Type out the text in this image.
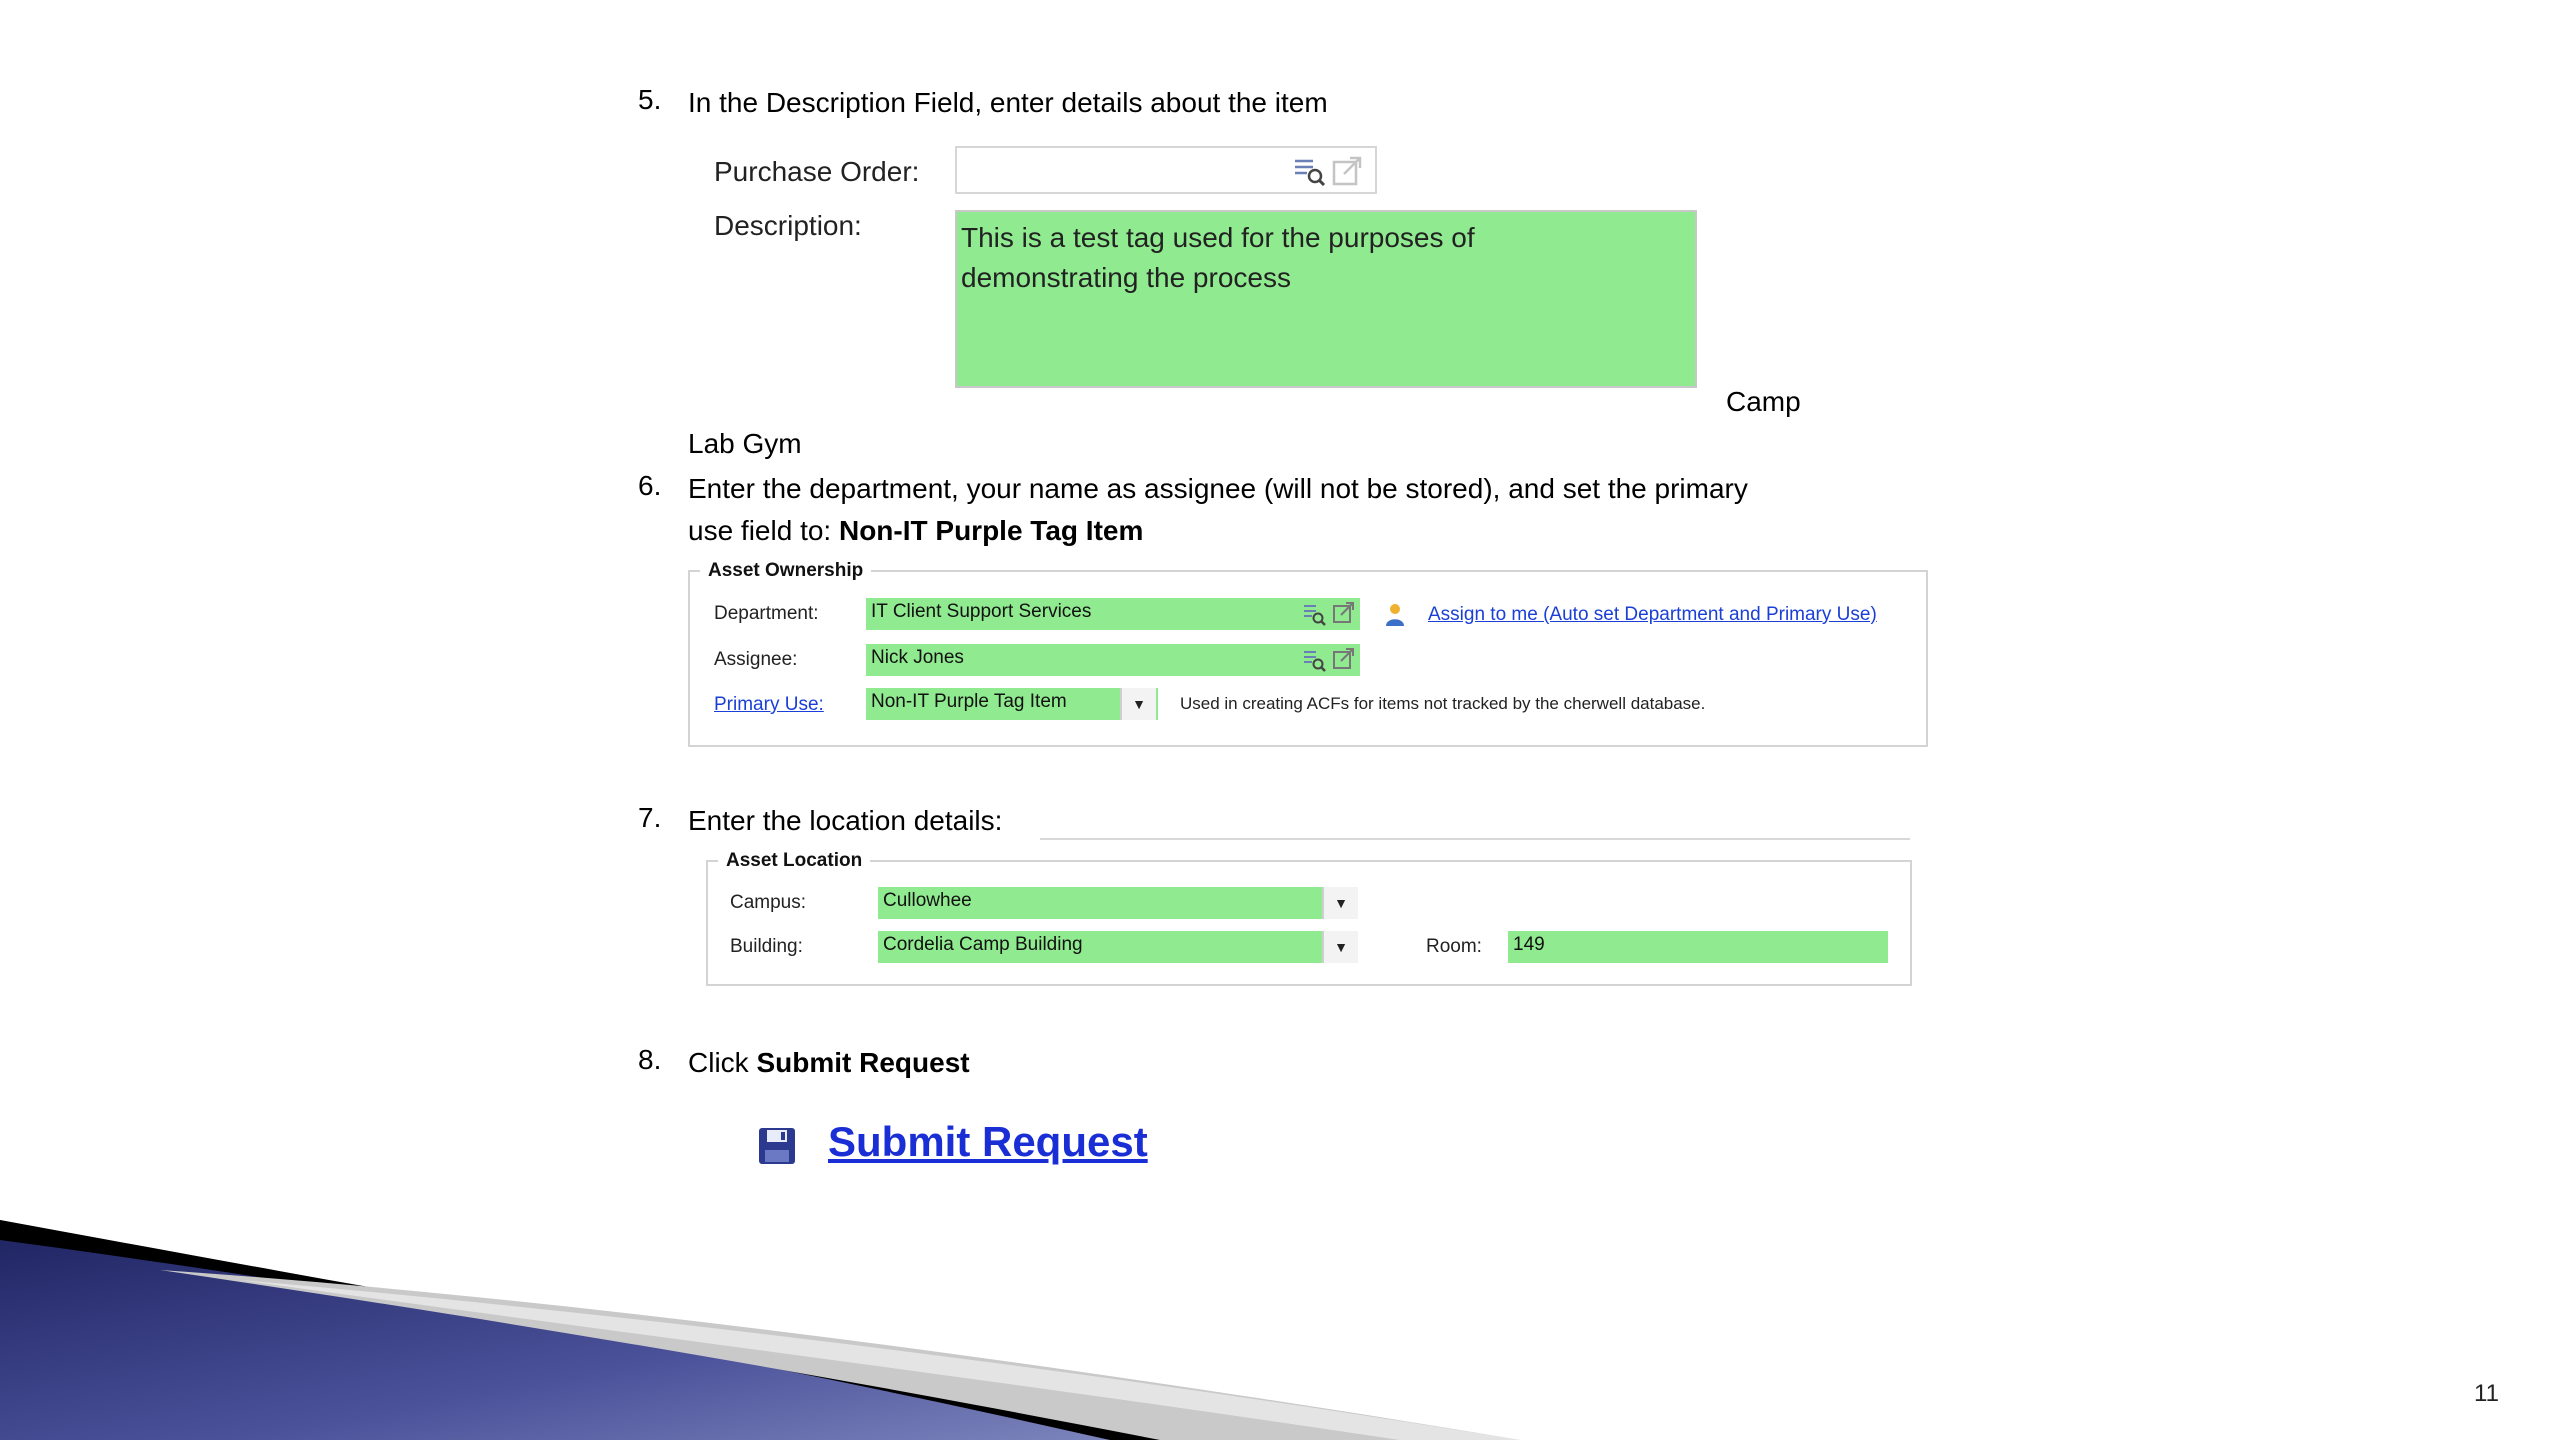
5. In the Description Field, enter details about the item
Purchase Order:
Description:	This is a test tag used for the purposes of
demonstrating the process
Camp
Lab Gym
6. Enter the department, your name as assignee (will not be stored), and set the primary
use field to: Non-IT Purple Tag Item
Asset Ownership
Department:	IT Client Support Services	Assign to me (Auto set Department and Primary Use)
Assignee:	Nick Jones
Primary Use: Non-IT Purple Tag Item	▼	Used in creating ACFs for items not tracked by the cherwell database.
7. Enter the location details:
Asset Location
Campus:	Cullowhee	▼
Building:	Cordelia Camp Building	▼	Room: 149
8. Click Submit Request
Submit Request
11
